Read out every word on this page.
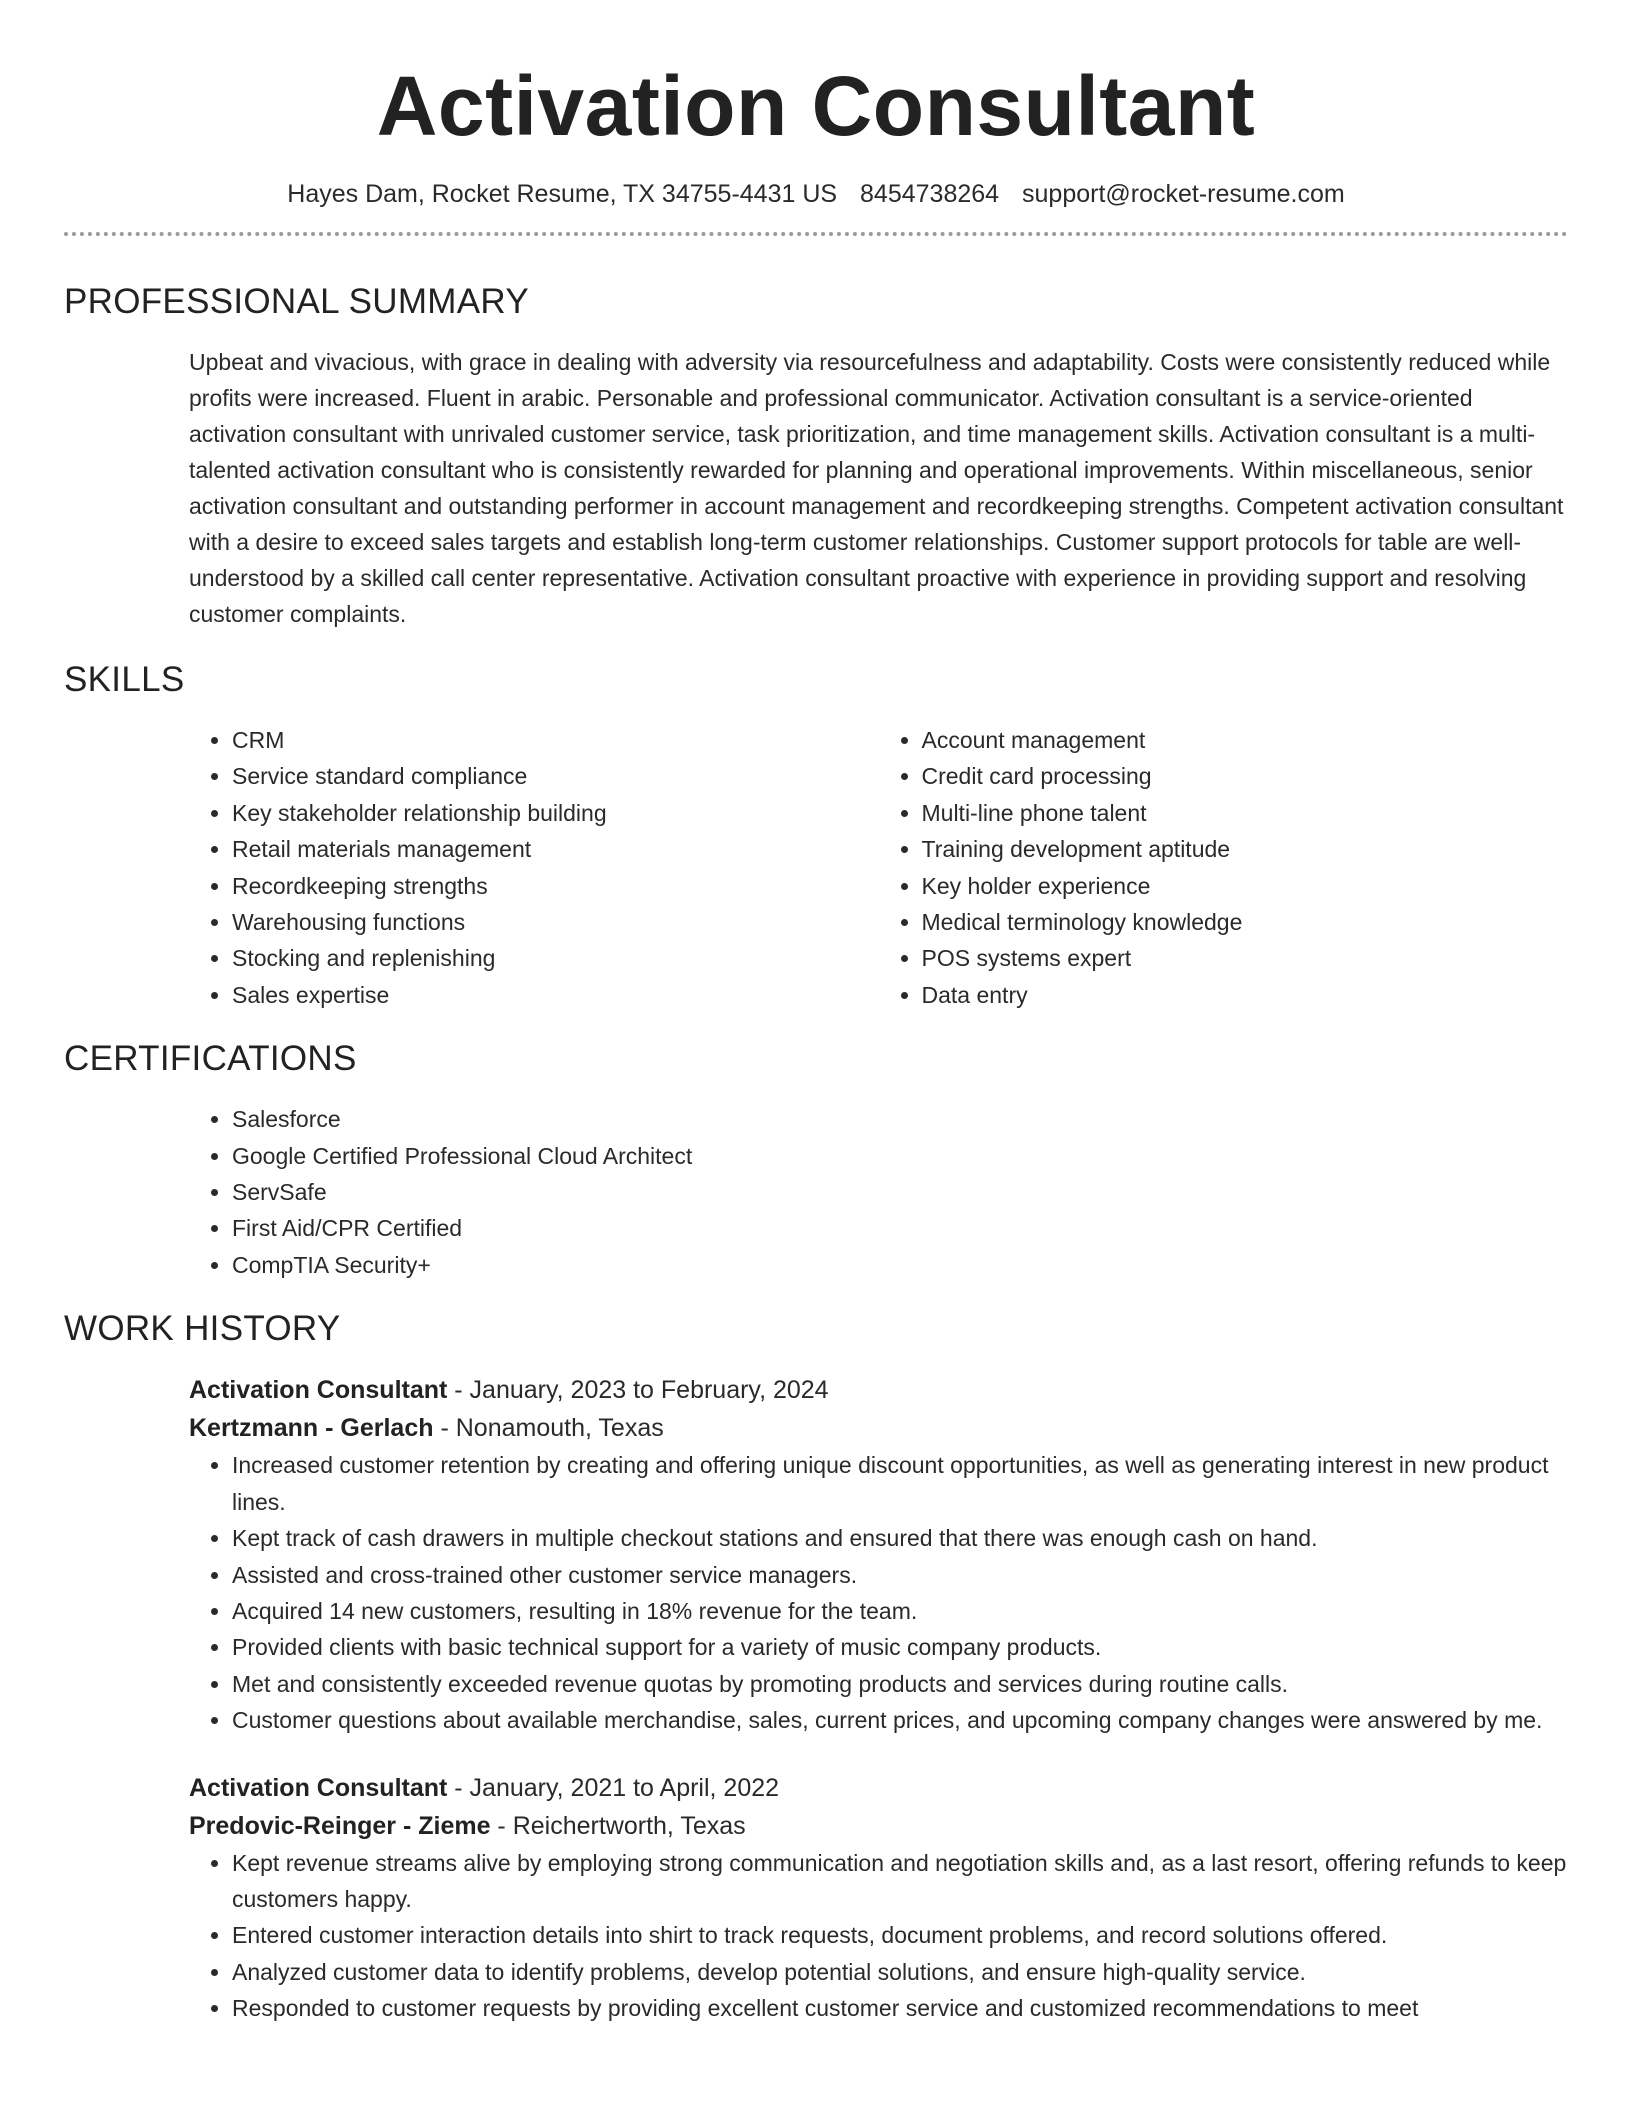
Activation Consultant
Hayes Dam, Rocket Resume, TX 34755-4431 US 8454738264 support@rocket-resume.com
PROFESSIONAL SUMMARY
Upbeat and vivacious, with grace in dealing with adversity via resourcefulness and adaptability. Costs were consistently reduced while profits were increased. Fluent in arabic. Personable and professional communicator. Activation consultant is a service-oriented activation consultant with unrivaled customer service, task prioritization, and time management skills. Activation consultant is a multi-talented activation consultant who is consistently rewarded for planning and operational improvements. Within miscellaneous, senior activation consultant and outstanding performer in account management and recordkeeping strengths. Competent activation consultant with a desire to exceed sales targets and establish long-term customer relationships. Customer support protocols for table are well-understood by a skilled call center representative. Activation consultant proactive with experience in providing support and resolving customer complaints.
SKILLS
• CRM
• Service standard compliance
• Key stakeholder relationship building
• Retail materials management
• Recordkeeping strengths
• Warehousing functions
• Stocking and replenishing
• Sales expertise
• Account management
• Credit card processing
• Multi-line phone talent
• Training development aptitude
• Key holder experience
• Medical terminology knowledge
• POS systems expert
• Data entry
CERTIFICATIONS
• Salesforce
• Google Certified Professional Cloud Architect
• ServSafe
• First Aid/CPR Certified
• CompTIA Security+
WORK HISTORY
Activation Consultant - January, 2023 to February, 2024
Kertzmann - Gerlach - Nonamouth, Texas
• Increased customer retention by creating and offering unique discount opportunities, as well as generating interest in new product lines.
• Kept track of cash drawers in multiple checkout stations and ensured that there was enough cash on hand.
• Assisted and cross-trained other customer service managers.
• Acquired 14 new customers, resulting in 18% revenue for the team.
• Provided clients with basic technical support for a variety of music company products.
• Met and consistently exceeded revenue quotas by promoting products and services during routine calls.
• Customer questions about available merchandise, sales, current prices, and upcoming company changes were answered by me.
Activation Consultant - January, 2021 to April, 2022
Predovic-Reinger - Zieme - Reichertworth, Texas
• Kept revenue streams alive by employing strong communication and negotiation skills and, as a last resort, offering refunds to keep customers happy.
• Entered customer interaction details into shirt to track requests, document problems, and record solutions offered.
• Analyzed customer data to identify problems, develop potential solutions, and ensure high-quality service.
• Responded to customer requests by providing excellent customer service and customized recommendations to meet
